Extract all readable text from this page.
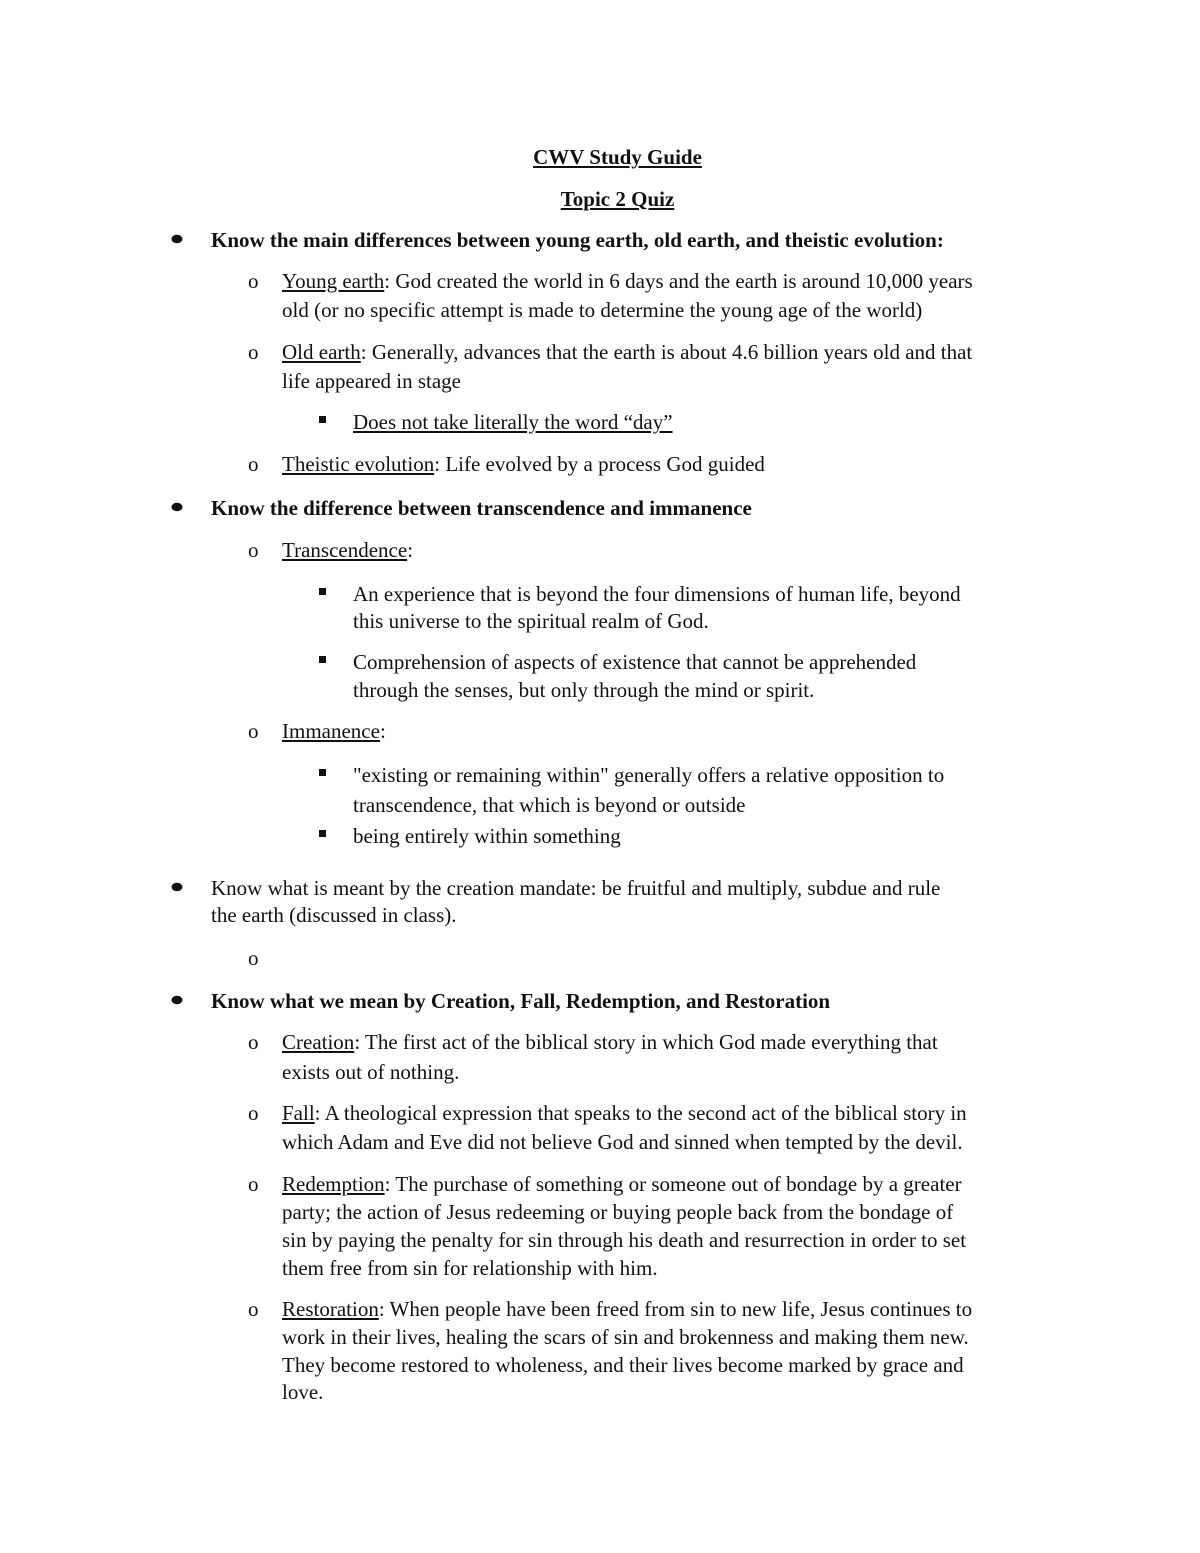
CWV Study Guide
Topic 2 Quiz
Know the main differences between young earth, old earth, and theistic evolution:
o Young earth: God created the world in 6 days and the earth is around 10,000 years
old (or no specific attempt is made to determine the young age of the world)
o Old earth: Generally, advances that the earth is about 4.6 billion years old and that
life appeared in stage
Does not take literally the word “day”
o Theistic evolution: Life evolved by a process God guided
Know the difference between transcendence and immanence
o Transcendence:
An experience that is beyond the four dimensions of human life, beyond
this universe to the spiritual realm of God.
Comprehension of aspects of existence that cannot be apprehended
through the senses, but only through the mind or spirit.
o Immanence:
"existing or remaining within" generally offers a relative opposition to
transcendence, that which is beyond or outside
being entirely within something
Know what is meant by the creation mandate: be fruitful and multiply, subdue and rule
the earth (discussed in class).
o
Know what we mean by Creation, Fall, Redemption, and Restoration
o Creation: The first act of the biblical story in which God made everything that
exists out of nothing.
o Fall: A theological expression that speaks to the second act of the biblical story in
which Adam and Eve did not believe God and sinned when tempted by the devil.
o Redemption: The purchase of something or someone out of bondage by a greater
party; the action of Jesus redeeming or buying people back from the bondage of
sin by paying the penalty for sin through his death and resurrection in order to set
them free from sin for relationship with him.
o Restoration: When people have been freed from sin to new life, Jesus continues to
work in their lives, healing the scars of sin and brokenness and making them new.
They become restored to wholeness, and their lives become marked by grace and
love.
